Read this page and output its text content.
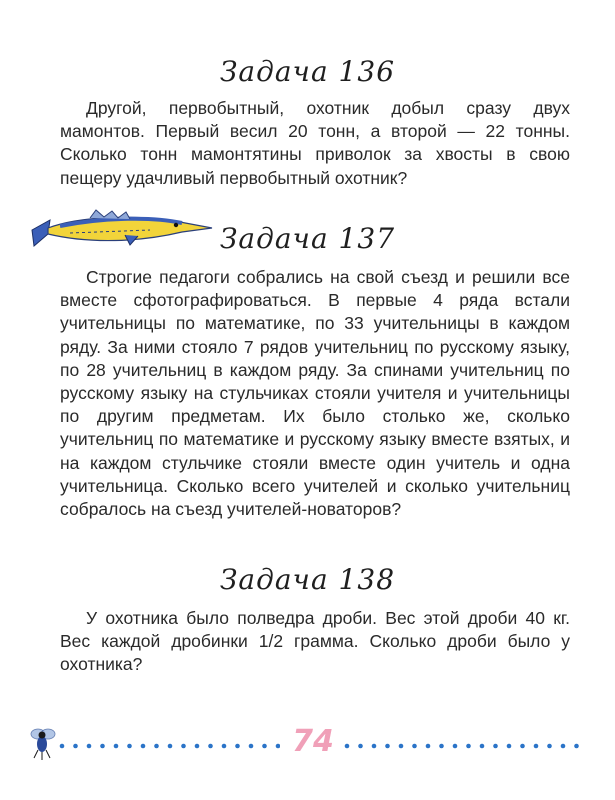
Задача 136

Другой, первобытный, охотник добыл сразу двух мамонтов. Первый весил 20 тонн, а второй — 22 тонны. Сколько тонн мамонтятины приволок за хвосты в свою пещеру удачливый первобытный охотник?

Задача 137

Строгие педагоги собрались на свой съезд и решили все вместе сфотографироваться. В первые 4 ряда встали учительницы по математике, по 33 учительницы в каждом ряду. За ними стояло 7 рядов учительниц по русскому языку, по 28 учительниц в каждом ряду. За спинами учительниц по русскому языку на стульчиках стояли учителя и учительницы по другим предметам. Их было столько же, сколько учительниц по математике и русскому языку вместе взятых, и на каждом стульчике стояли вместе один учитель и одна учительница. Сколько всего учителей и сколько учительниц собралось на съезд учителей-новаторов?

Задача 138

У охотника было полведра дроби. Вес этой дроби 40 кг. Вес каждой дробинки 1/2 грамма. Сколько дроби было у охотника?

74
